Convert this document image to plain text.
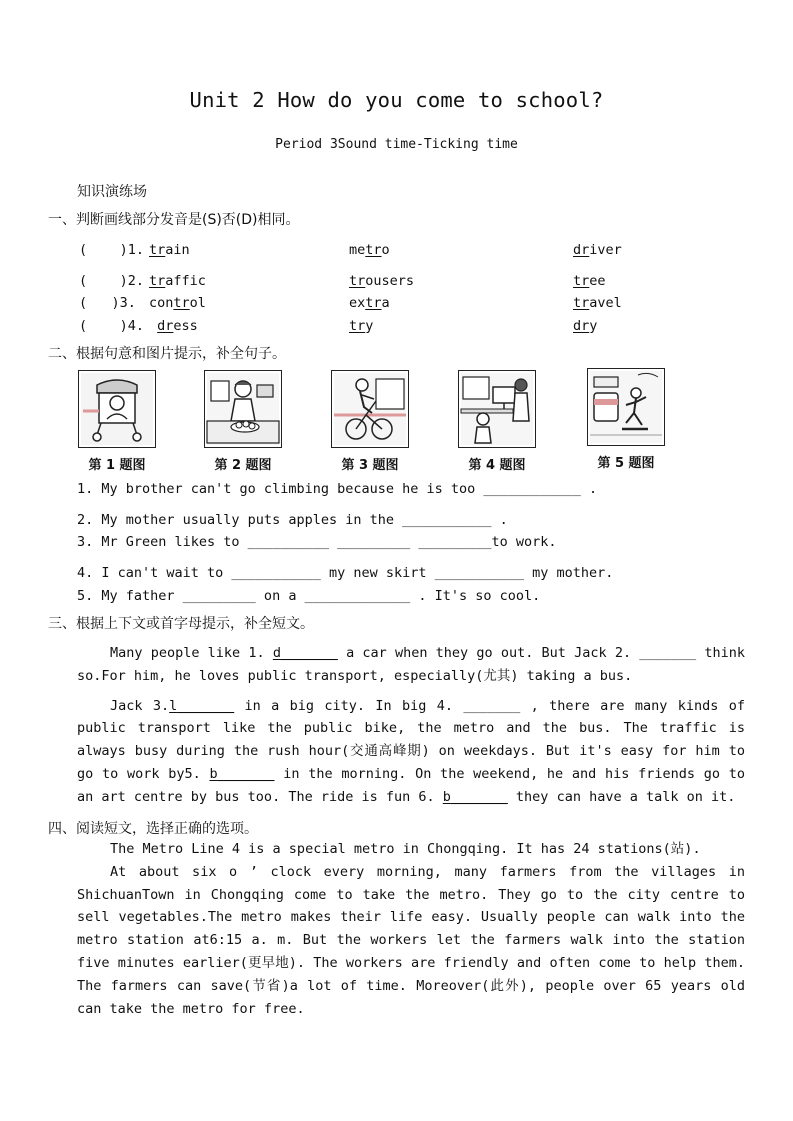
Unit 2 How do you come to school?
Period 3Sound time-Ticking time
知识演练场
一、判断画线部分发音是(S)否(D)相同。
(    )1. train	metro	driver
(    )2. traffic	trousers	tree
(   )3. control	extra	travel
(    )4. dress	try	dry
二、根据句意和图片提示，补全句子。
第 1 题图	第 2 题图	第 3 题图	第 4 题图	第 5 题图
1. My brother can't go climbing because he is too ____________ .
2. My mother usually puts apples in the ___________ .
3. Mr Green likes to __________ _________ _________to work.
4. I can't wait to ___________ my new skirt ___________ my mother.
5. My father _________ on a _____________ . It's so cool.
三、根据上下文或首字母提示，补全短文。

Many people like 1. d_______ a car when they go out. But Jack 2. _______ think so.For him, he loves public transport, especially(尤其) taking a bus.

Jack 3.l_______ in a big city. In big 4. _______ , there are many kinds of public transport like the public bike, the metro and the bus. The traffic is always busy during the rush hour(交通高峰期) on weekdays. But it's easy for him to go to work by5. b_______ in the morning. On the weekend, he and his friends go to an art centre by bus too. The ride is fun 6. b_______ they can have a talk on it.

四、阅读短文，选择正确的选项。

The Metro Line 4 is a special metro in Chongqing. It has 24 stations(站).

At about six o ’ clock every morning, many farmers from the villages in ShichuanTown in Chongqing come to take the metro. They go to the city centre to sell vegetables.The metro makes their life easy. Usually people can walk into the metro station at6:15 a. m. But the workers let the farmers walk into the station five minutes earlier(更早地). The workers are friendly and often come to help them. The farmers can save(节省)a lot of time. Moreover(此外), people over 65 years old can take the metro for free.
